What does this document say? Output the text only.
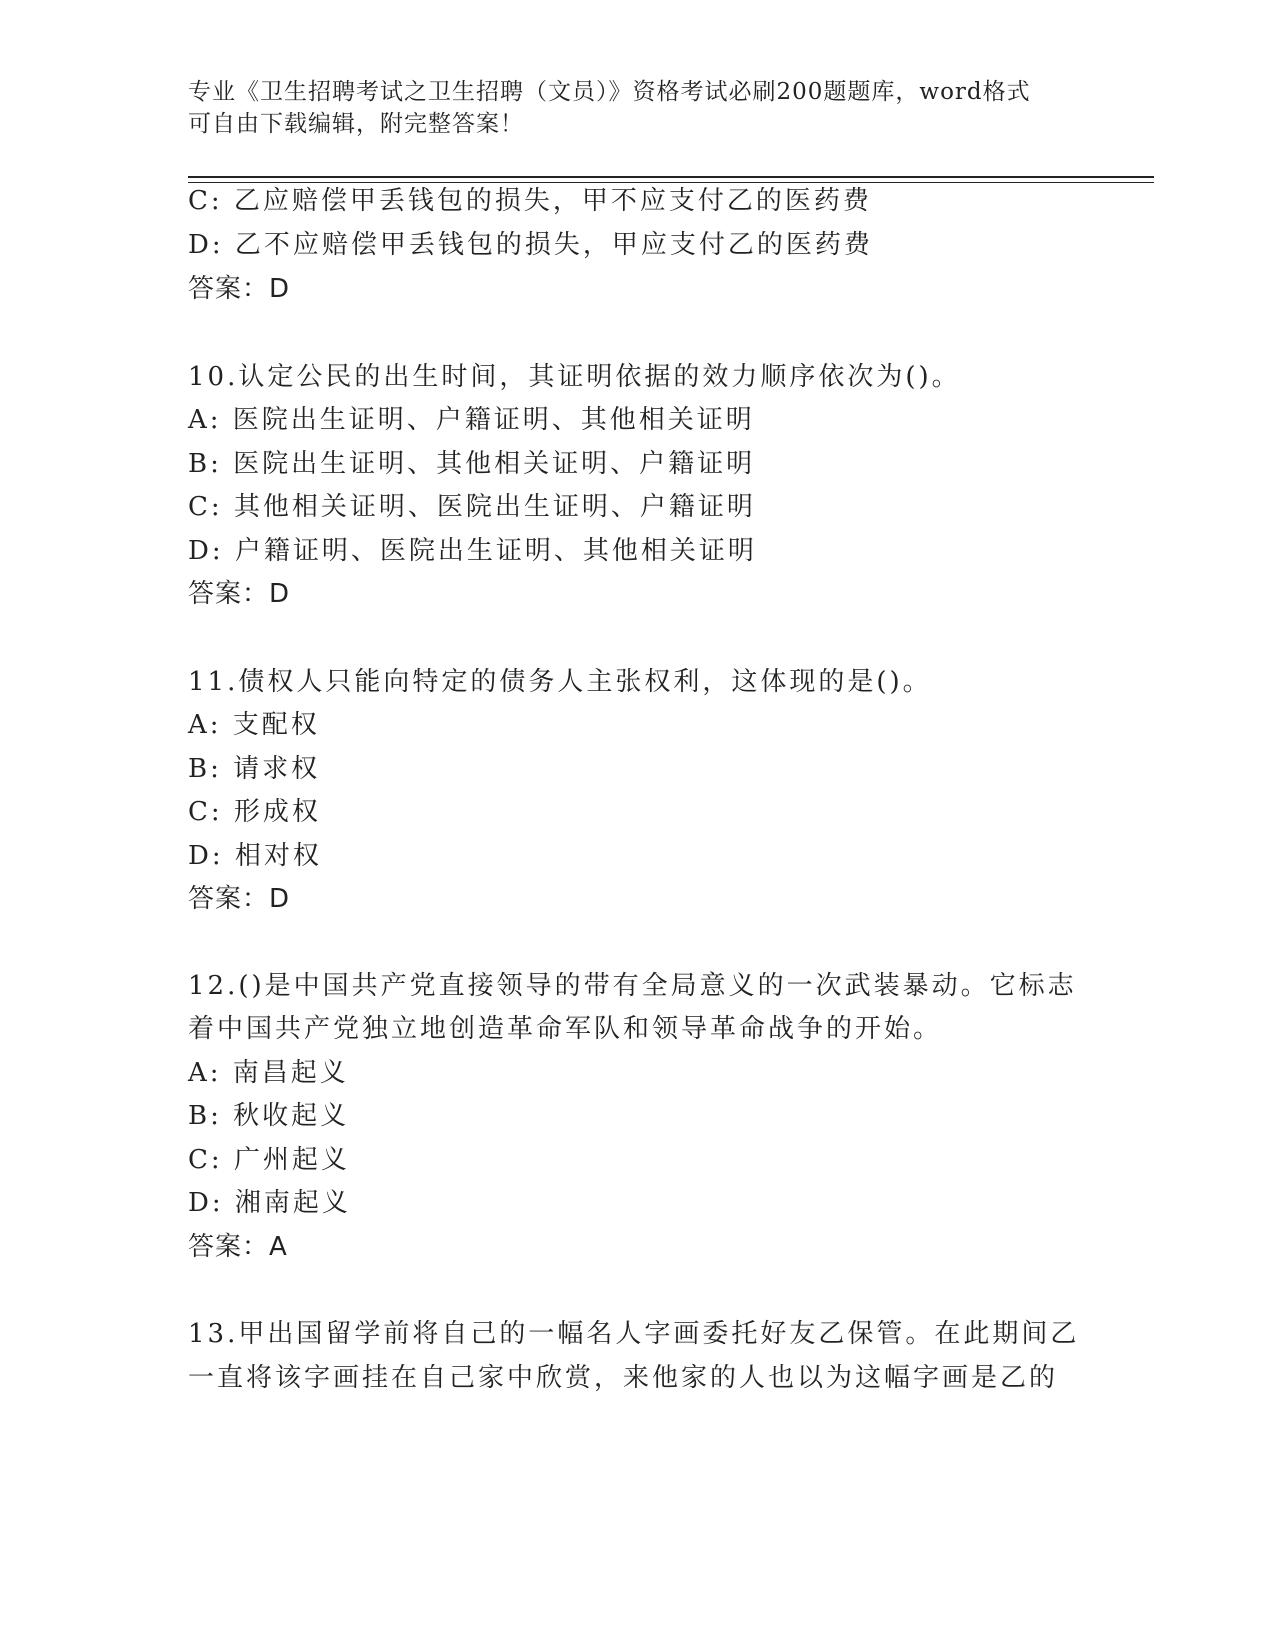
专业《卫生招聘考试之卫生招聘（文员）》资格考试必刷200题题库，word格式
可自由下载编辑，附完整答案！
C: 乙应赔偿甲丢钱包的损失，甲不应支付乙的医药费
D: 乙不应赔偿甲丢钱包的损失，甲应支付乙的医药费
答案：D
10.认定公民的出生时间，其证明依据的效力顺序依次为()。
A: 医院出生证明、户籍证明、其他相关证明
B: 医院出生证明、其他相关证明、户籍证明
C: 其他相关证明、医院出生证明、户籍证明
D: 户籍证明、医院出生证明、其他相关证明
答案：D
11.债权人只能向特定的债务人主张权利，这体现的是()。
A: 支配权
B: 请求权
C: 形成权
D: 相对权
答案：D
12.()是中国共产党直接领导的带有全局意义的一次武装暴动。它标志
着中国共产党独立地创造革命军队和领导革命战争的开始。
A: 南昌起义
B: 秋收起义
C: 广州起义
D: 湘南起义
答案：A
13.甲出国留学前将自己的一幅名人字画委托好友乙保管。在此期间乙
一直将该字画挂在自己家中欣赏，来他家的人也以为这幅字画是乙的
